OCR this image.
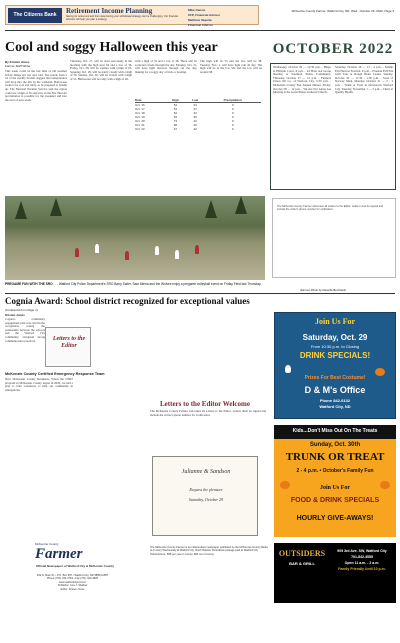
The Citizens Bank	Retirement Income Planning
Saving for retirement and then determining your withdrawal strategy can be challenging. Our financial advisors will help you plan a strategy.
Mike Owens
CFP, Financial Advisor
Matthew Vaquita
Financial Advisor
McKenzie County Farmer, Watford City, ND, Wed., October 26, 2022, Page 3
Cool and soggy Halloween this year
By Kristen Jones
Farmer Staff Writer
This week could be the last time of fall weather before things get wet and cold. The trends from a lot of the weekly models suggest that temperatures will drop into the 40s by the weekend. Halloween looks to be cool and rainy, so be prepared to bundle up. The National Weather Service said the region could see a high of 50 and lows in the 30s. Heavier precipitation is possible for the weekend and into the start of next week.
Thursday, Oct. 27, will be clear and sunny in the morning with the high near 64 and a low of 36. Friday, Oct. 28, will be warmer with a high of 65. Saturday, Oct. 29, will be partly cloudy with a high of 59. Sunday, Oct. 30, will be cloudy with a high of 55. Halloween will be rainy with a high of 49.
with a high of 55 and a low of 38. There will be scattered clouds through the day. Monday, Oct. 31, will have light showers through out the day, making for a soggy day of trick or treating.
Date	High	Low	Precipitation
Oct. 16	54	24	0
Oct. 17	51	27	0
Oct. 18	62	32	0
Oct. 19	63	35	0
Oct. 20	73	42	0
Oct. 21	68	40	0
Oct. 22	67	42	0
The high will be 55 and the low will be 38. Tuesday, Nov. 1, will have light rain all day. The high will be in the low 50s and the low will be around 38.
OCTOBER 2022
Wednesday, October 26 — 12:30 p.m. - Bingo at Hillside Court. 6 p.m. - 24 Hour AA Group meeting at Southern Plains Community. Thursday, October 27 — 12 p.m. - Farmers Union Oil Co. of Watford City. 5:30 p.m. - McKenzie County Fair Annual Dinner. Friday, October 28 — 12 p.m. - We Are Not Alone AA Meeting at the Great Plains Lutheran Church.
Saturday, October 29 — 12 - 4 p.m. - Kiddie Fall Harvest Festival. 6 p.m. - Fireside FOTNA Grill Tour at Rough Rider Center. Sunday, October 30 — 11:30 - 1:30 p.m. - Sons of Norway Meal. Monday, October 31 — 2 - 4 p.m. - Trunk or Treat in Downtown Watford City. Tuesday, November 1 — 5 p.m. - Clinic at Quality Health.
The McKenzie County Farmer welcomes all Letters to the Editor. Letters must be signed and include the writer's phone number for verification.
PREGAME FUN WITH THE SRO . . . Watford City Police Department's SRO Barry Sailer, Sam Aliena and the Wolves enjoy a pregame volleyball event on Friday Field last Thursday.
(Farmer Photo by Danielle Bernhard)
Cognia Award: School district recognized for exceptional values
(Continued from Page 1)
Kristen Jones
Cognia's community engagement plan was cited in the recognition, noting the partnership between the schools and the Watford City community, alongside strong communication practices.	Letters to the Editor
McKenzie County Certified Emergency Response Team
Dear McKenzie County Residents, When the CERT program in McKenzie County began in 2020, we had a plan to train volunteers to help our community in emergencies.
Letters to the Editor Welcome
The McKenzie County Farmer welcomes all Letters to the Editor. Letters must be signed and include the writer's phone number for verification.
Julianne & Sandson
Request the pleasure
Saturday, October 29
McKenzie County
Farmer
Official Newspaper of Watford City & McKenzie County
109 N. Main St. • P.O. Box 587 • Watford City, ND 58854-0587
Phone (701) 444-3763 • Fax (701) 444-3825
www.watfordcitynd.com
Publisher: Lisa J. Shallow
Editor: Kristen Jones
The McKenzie County Farmer is an independent newspaper published by the McKenzie County Media LLC every Wednesday at Watford City, North Dakota. Periodicals postage paid at Watford City. Subscriptions: $55 per year in county, $60 out of county.
Join Us For
Saturday, Oct. 29
From 10:30 p.m. to Closing
DRINK SPECIALS!
Prizes For Best Costume!
D & M's Office
Phone 842-6132
Watford City, ND
Kids...Don't Miss Out On The Treats
Sunday, Oct. 30th
TRUNK OR TREAT
2 - 4 p.m. • October's Family Fun
Join Us For
FOOD & DRINK SPECIALS
HOURLY GIVE-AWAYS!
OUTSIDERS
BAR & GRILL
905 3rd Ave. SW, Watford City
701-842-3555
Open 11 a.m. - 2 a.m.
Family Friendly Until 10 p.m.
